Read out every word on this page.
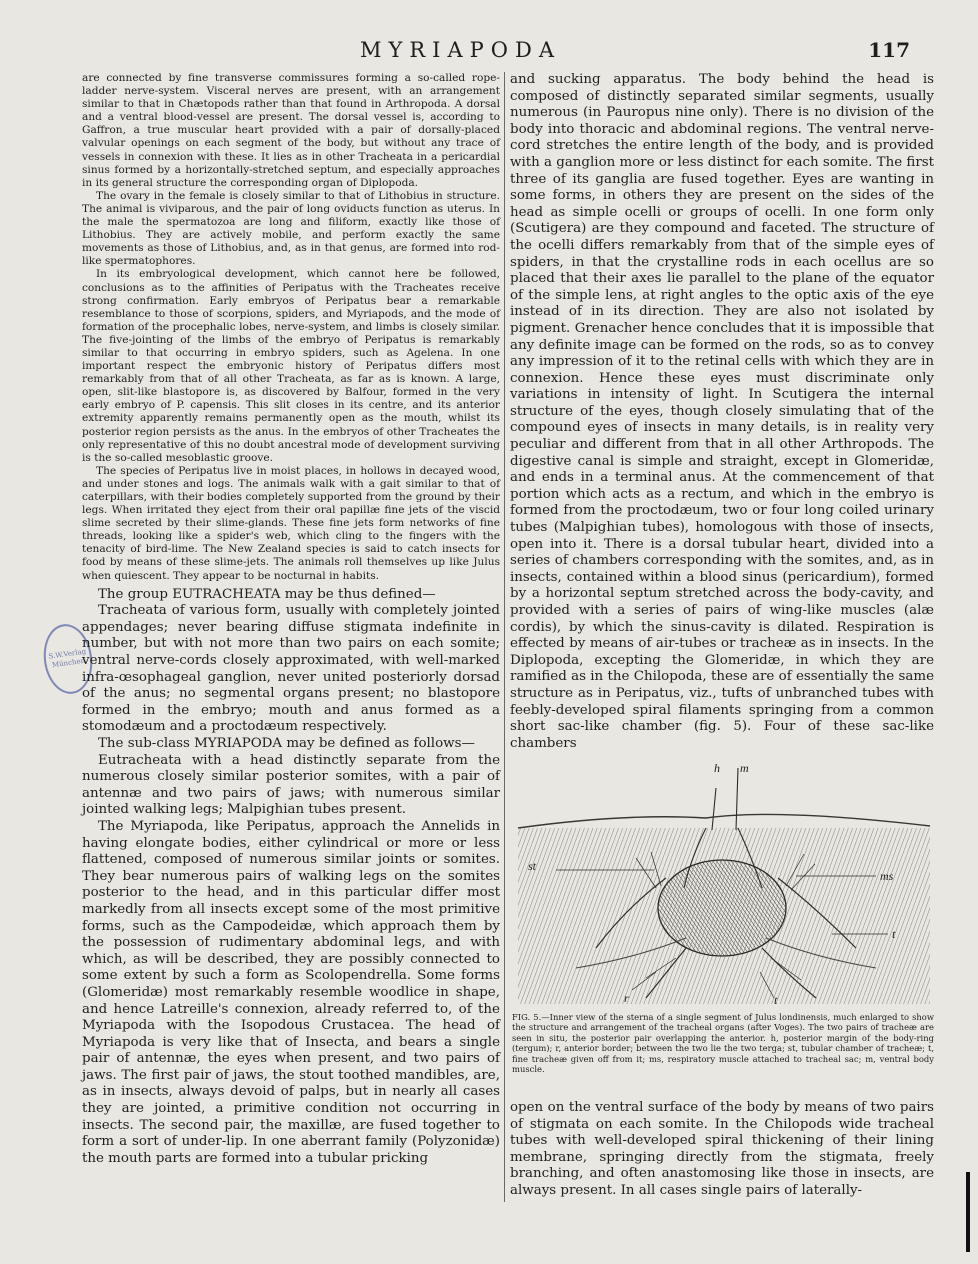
MYRIAPODA	117
S.W.Verlag München

are connected by fine transverse commissures forming a so-called rope-ladder nerve-system. Visceral nerves are present, with an arrangement similar to that in Chætopods rather than that found in Arthropoda. A dorsal and a ventral blood-vessel are present. The dorsal vessel is, according to Gaffron, a true muscular heart provided with a pair of dorsally-placed valvular openings on each segment of the body, but without any trace of vessels in connexion with these. It lies as in other Tracheata in a pericardial sinus formed by a horizontally-stretched septum, and especially approaches in its general structure the corresponding organ of Diplopoda.

The ovary in the female is closely similar to that of Lithobius in structure. The animal is viviparous, and the pair of long oviducts function as uterus. In the male the spermatozoa are long and filiform, exactly like those of Lithobius. They are actively mobile, and perform exactly the same movements as those of Lithobius, and, as in that genus, are formed into rod-like spermatophores.

In its embryological development, which cannot here be followed, conclusions as to the affinities of Peripatus with the Tracheates receive strong confirmation. Early embryos of Peripatus bear a remarkable resemblance to those of scorpions, spiders, and Myriapods, and the mode of formation of the procephalic lobes, nerve-system, and limbs is closely similar. The five-jointing of the limbs of the embryo of Peripatus is remarkably similar to that occurring in embryo spiders, such as Agelena. In one important respect the embryonic history of Peripatus differs most remarkably from that of all other Tracheata, as far as is known. A large, open, slit-like blastopore is, as discovered by Balfour, formed in the very early embryo of P. capensis. This slit closes in its centre, and its anterior extremity apparently remains permanently open as the mouth, whilst its posterior region persists as the anus. In the embryos of other Tracheates the only representative of this no doubt ancestral mode of development surviving is the so-called mesoblastic groove.

The species of Peripatus live in moist places, in hollows in decayed wood, and under stones and logs. The animals walk with a gait similar to that of caterpillars, with their bodies completely supported from the ground by their legs. When irritated they eject from their oral papillæ fine jets of the viscid slime secreted by their slime-glands. These fine jets form networks of fine threads, looking like a spider's web, which cling to the fingers with the tenacity of bird-lime. The New Zealand species is said to catch insects for food by means of these slime-jets. The animals roll themselves up like Julus when quiescent. They appear to be nocturnal in habits.

The group EUTRACHEATA may be thus defined—

Tracheata of various form, usually with completely jointed appendages; never bearing diffuse stigmata indefinite in number, but with not more than two pairs on each somite; ventral nerve-cords closely approximated, with well-marked infra-œsophageal ganglion, never united posteriorly dorsad of the anus; no segmental organs present; no blastopore formed in the embryo; mouth and anus formed as a stomodæum and a proctodæum respectively.

The sub-class MYRIAPODA may be defined as follows—

Eutracheata with a head distinctly separate from the numerous closely similar posterior somites, with a pair of antennæ and two pairs of jaws; with numerous similar jointed walking legs; Malpighian tubes present.

The Myriapoda, like Peripatus, approach the Annelids in having elongate bodies, either cylindrical or more or less flattened, composed of numerous similar joints or somites. They bear numerous pairs of walking legs on the somites posterior to the head, and in this particular differ most markedly from all insects except some of the most primitive forms, such as the Campodeidæ, which approach them by the possession of rudimentary abdominal legs, and with which, as will be described, they are possibly connected to some extent by such a form as Scolopendrella. Some forms (Glomeridæ) most remarkably resemble woodlice in shape, and hence Latreille's connexion, already referred to, of the Myriapoda with the Isopodous Crustacea. The head of Myriapoda is very like that of Insecta, and bears a single pair of antennæ, the eyes when present, and two pairs of jaws. The first pair of jaws, the stout toothed mandibles, are, as in insects, always devoid of palps, but in nearly all cases they are jointed, a primitive condition not occurring in insects. The second pair, the maxillæ, are fused together to form a sort of under-lip. In one aberrant family (Polyzonidæ) the mouth parts are formed into a tubular pricking

and sucking apparatus. The body behind the head is composed of distinctly separated similar segments, usually numerous (in Pauropus nine only). There is no division of the body into thoracic and abdominal regions. The ventral nerve-cord stretches the entire length of the body, and is provided with a ganglion more or less distinct for each somite. The first three of its ganglia are fused together. Eyes are wanting in some forms, in others they are present on the sides of the head as simple ocelli or groups of ocelli. In one form only (Scutigera) are they compound and faceted. The structure of the ocelli differs remarkably from that of the simple eyes of spiders, in that the crystalline rods in each ocellus are so placed that their axes lie parallel to the plane of the equator of the simple lens, at right angles to the optic axis of the eye instead of in its direction. They are also not isolated by pigment. Grenacher hence concludes that it is impossible that any definite image can be formed on the rods, so as to convey any impression of it to the retinal cells with which they are in connexion. Hence these eyes must discriminate only variations in intensity of light. In Scutigera the internal structure of the eyes, though closely simulating that of the compound eyes of insects in many details, is in reality very peculiar and different from that in all other Arthropods. The digestive canal is simple and straight, except in Glomeridæ, and ends in a terminal anus. At the commencement of that portion which acts as a rectum, and which in the embryo is formed from the proctodæum, two or four long coiled urinary tubes (Malpighian tubes), homologous with those of insects, open into it. There is a dorsal tubular heart, divided into a series of chambers corresponding with the somites, and, as in insects, contained within a blood sinus (pericardium), formed by a horizontal septum stretched across the body-cavity, and provided with a series of pairs of wing-like muscles (alæ cordis), by which the sinus-cavity is dilated. Respiration is effected by means of air-tubes or tracheæ as in insects. In the Diplopoda, excepting the Glomeridæ, in which they are ramified as in the Chilopoda, these are of essentially the same structure as in Peripatus, viz., tufts of unbranched tubes with feebly-developed spiral filaments springing from a common short sac-like chamber (fig. 5). Four of these sac-like chambers

h m
st
ms
t
r	t
FIG. 5.—Inner view of the sterna of a single segment of Julus londinensis, much enlarged to show the structure and arrangement of the tracheal organs (after Voges). The two pairs of tracheæ are seen in situ, the posterior pair overlapping the anterior. h, posterior margin of the body-ring (tergum); r, anterior border; between the two lie the two terga; st, tubular chamber of tracheæ; t, fine tracheæ given off from it; ms, respiratory muscle attached to tracheal sac; m, ventral body muscle.
open on the ventral surface of the body by means of two pairs of stigmata on each somite. In the Chilopods wide tracheal tubes with well-developed spiral thickening of their lining membrane, springing directly from the stigmata, freely branching, and often anastomosing like those in insects, are always present. In all cases single pairs of laterally-
